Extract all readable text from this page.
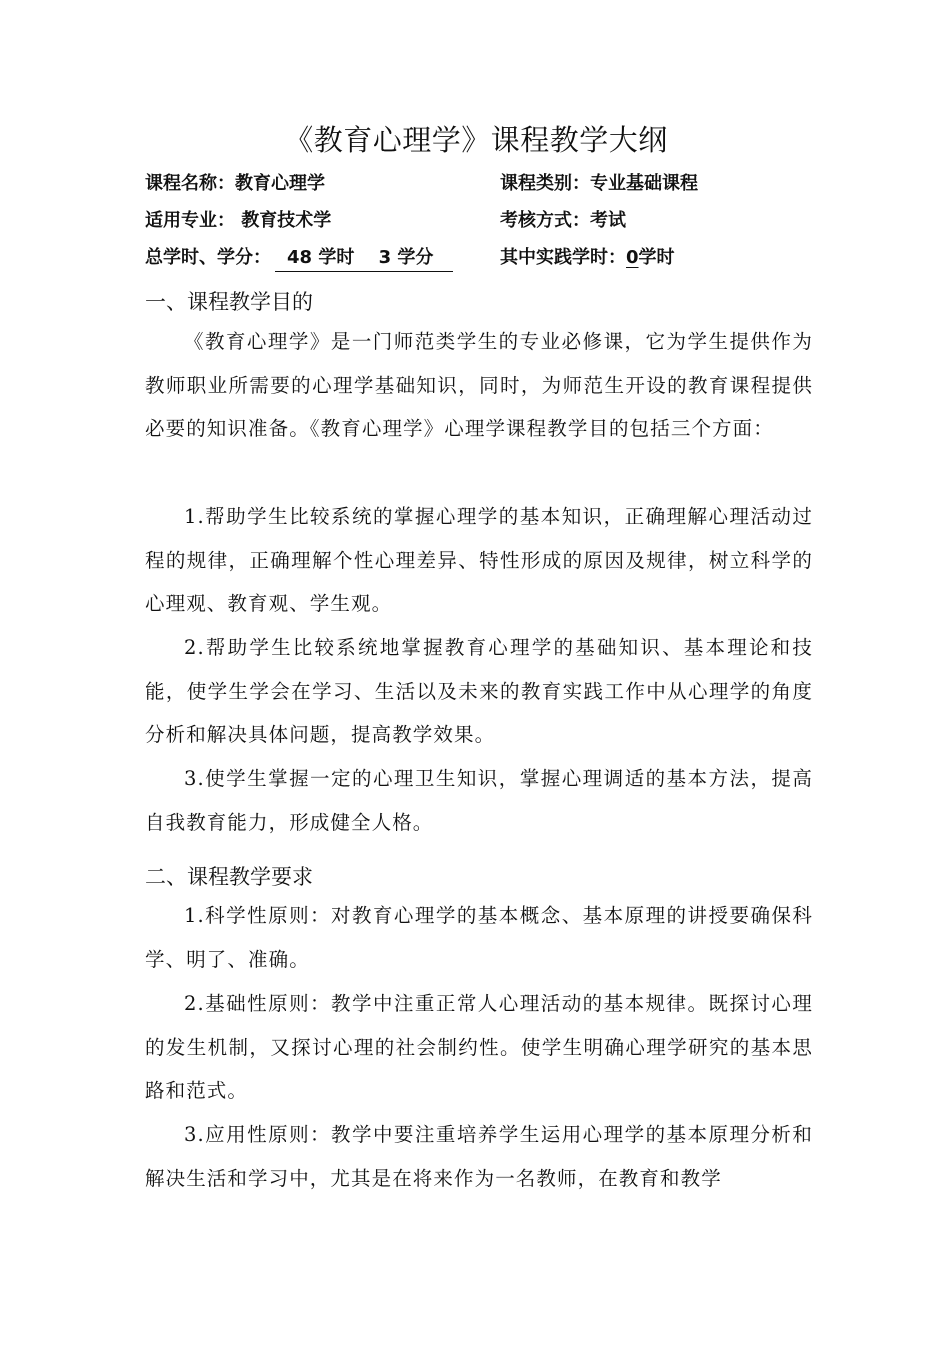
《教育心理学》课程教学大纲
课程名称：教育心理学	课程类别：专业基础课程
适用专业： 教育技术学	考核方式：考试
总学时、学分： 48 学时　 3 学分	其中实践学时：0学时
一、课程教学目的

《教育心理学》是一门师范类学生的专业必修课，它为学生提供作为教师职业所需要的心理学基础知识，同时，为师范生开设的教育课程提供必要的知识准备。《教育心理学》心理学课程教学目的包括三个方面：

1.帮助学生比较系统的掌握心理学的基本知识，正确理解心理活动过程的规律，正确理解个性心理差异、特性形成的原因及规律，树立科学的心理观、教育观、学生观。

2.帮助学生比较系统地掌握教育心理学的基础知识、基本理论和技能，使学生学会在学习、生活以及未来的教育实践工作中从心理学的角度分析和解决具体问题，提高教学效果。

3.使学生掌握一定的心理卫生知识，掌握心理调适的基本方法，提高自我教育能力，形成健全人格。

二、课程教学要求

1.科学性原则：对教育心理学的基本概念、基本原理的讲授要确保科学、明了、准确。

2.基础性原则：教学中注重正常人心理活动的基本规律。既探讨心理的发生机制，又探讨心理的社会制约性。使学生明确心理学研究的基本思路和范式。

3.应用性原则：教学中要注重培养学生运用心理学的基本原理分析和解决生活和学习中，尤其是在将来作为一名教师，在教育和教学
